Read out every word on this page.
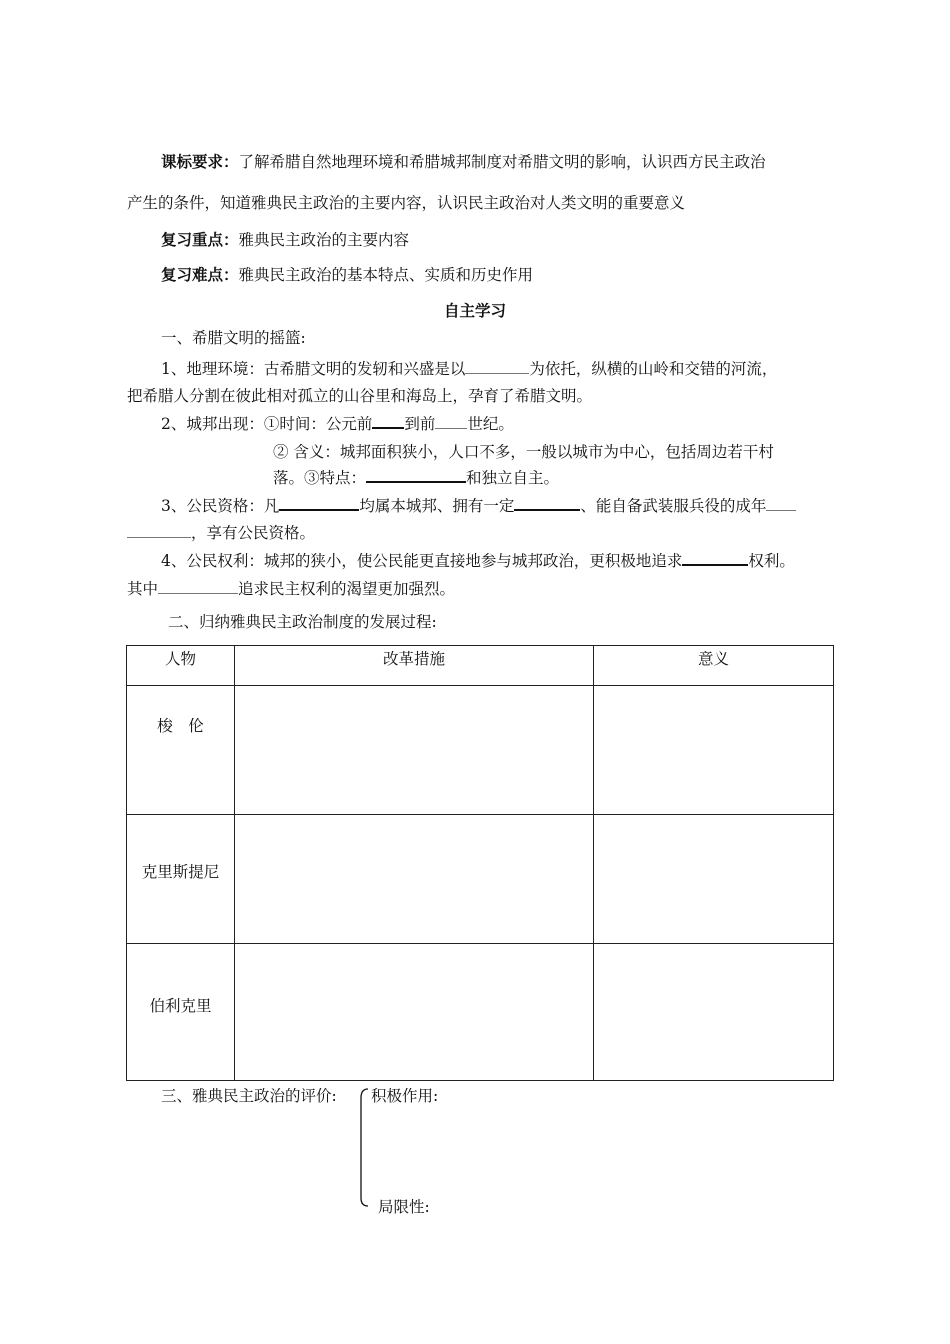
课标要求：了解希腊自然地理环境和希腊城邦制度对希腊文明的影响，认识西方民主政治
产生的条件，知道雅典民主政治的主要内容，认识民主政治对人类文明的重要意义
复习重点：雅典民主政治的主要内容
复习难点：雅典民主政治的基本特点、实质和历史作用
自主学习
一、希腊文明的摇篮:
1、地理环境：古希腊文明的发轫和兴盛是以	为依托，纵横的山岭和交错的河流，
把希腊人分割在彼此相对孤立的山谷里和海岛上，孕育了希腊文明。
2、城邦出现：①时间：公元前 到前 世纪。
② 含义：城邦面积狭小，人口不多，一般以城市为中心，包括周边若干村
落。③特点：	和独立自主。
3、公民资格：凡	均属本城邦、拥有一定	、能自备武装服兵役的成年
，享有公民资格。
4、公民权利：城邦的狭小，使公民能更直接地参与城邦政治，更积极地追求	权利。
其中	追求民主权利的渴望更加强烈。
二、归纳雅典民主政治制度的发展过程:
人物	改革措施	意义

梭　伦		

克里斯提尼		

伯利克里		

三、雅典民主政治的评价: 积极作用:
局限性:
